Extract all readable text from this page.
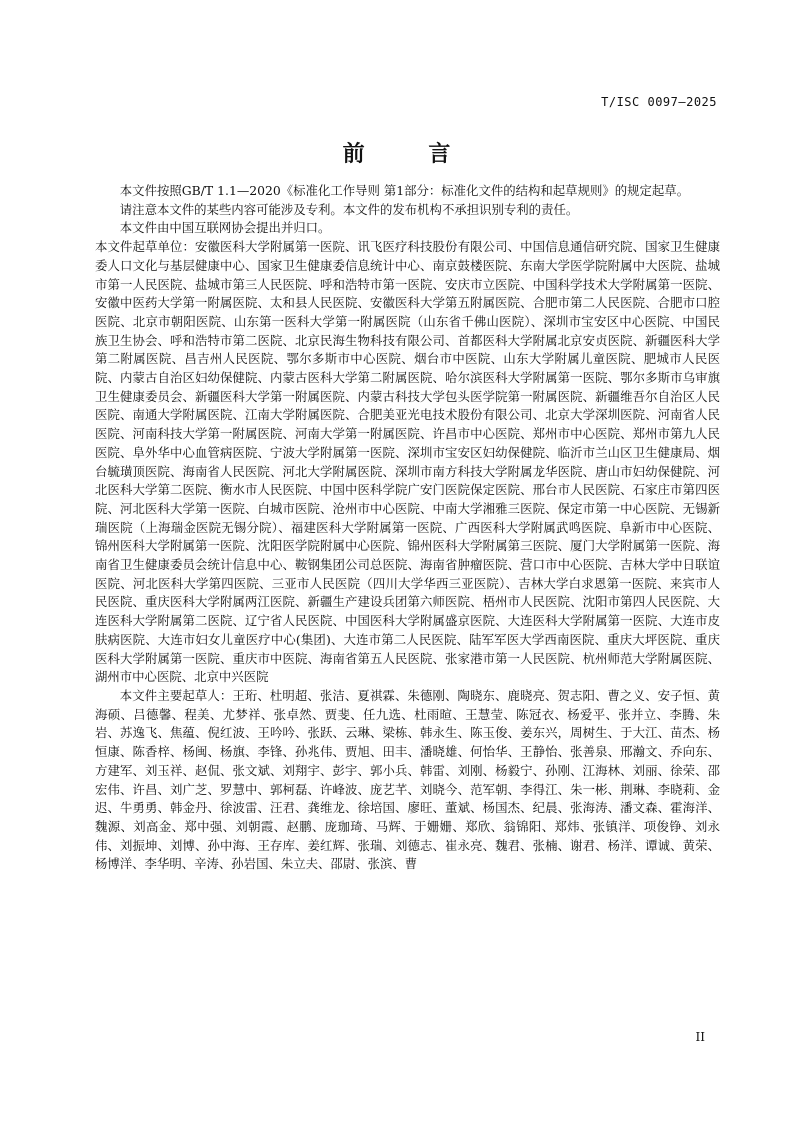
T/ISC 0097—2025
前 言

本文件按照GB/T 1.1—2020《标准化工作导则 第1部分：标准化文件的结构和起草规则》的规定起草。

请注意本文件的某些内容可能涉及专利。本文件的发布机构不承担识别专利的责任。

本文件由中国互联网协会提出并归口。

本文件起草单位：安徽医科大学附属第一医院、讯飞医疗科技股份有限公司、中国信息通信研究院、国家卫生健康委人口文化与基层健康中心、国家卫生健康委信息统计中心、南京鼓楼医院、东南大学医学院附属中大医院、盐城市第一人民医院、盐城市第三人民医院、呼和浩特市第一医院、安庆市立医院、中国科学技术大学附属第一医院、安徽中医药大学第一附属医院、太和县人民医院、安徽医科大学第五附属医院、合肥市第二人民医院、合肥市口腔医院、北京市朝阳医院、山东第一医科大学第一附属医院（山东省千佛山医院）、深圳市宝安区中心医院、中国民族卫生协会、呼和浩特市第二医院、北京民海生物科技有限公司、首都医科大学附属北京安贞医院、新疆医科大学第二附属医院、昌吉州人民医院、鄂尔多斯市中心医院、烟台市中医院、山东大学附属儿童医院、肥城市人民医院、内蒙古自治区妇幼保健院、内蒙古医科大学第二附属医院、哈尔滨医科大学附属第一医院、鄂尔多斯市乌审旗卫生健康委员会、新疆医科大学第一附属医院、内蒙古科技大学包头医学院第一附属医院、新疆维吾尔自治区人民医院、南通大学附属医院、江南大学附属医院、合肥美亚光电技术股份有限公司、北京大学深圳医院、河南省人民医院、河南科技大学第一附属医院、河南大学第一附属医院、许昌市中心医院、郑州市中心医院、郑州市第九人民医院、阜外华中心血管病医院、宁波大学附属第一医院、深圳市宝安区妇幼保健院、临沂市兰山区卫生健康局、烟台毓璜顶医院、海南省人民医院、河北大学附属医院、深圳市南方科技大学附属龙华医院、唐山市妇幼保健院、河北医科大学第二医院、衡水市人民医院、中国中医科学院广安门医院保定医院、邢台市人民医院、石家庄市第四医院、河北医科大学第一医院、白城市医院、沧州市中心医院、中南大学湘雅三医院、保定市第一中心医院、无锡新瑞医院（上海瑞金医院无锡分院）、福建医科大学附属第一医院、广西医科大学附属武鸣医院、阜新市中心医院、锦州医科大学附属第一医院、沈阳医学院附属中心医院、锦州医科大学附属第三医院、厦门大学附属第一医院、海南省卫生健康委员会统计信息中心、鞍钢集团公司总医院、海南省肿瘤医院、营口市中心医院、吉林大学中日联谊医院、河北医科大学第四医院、三亚市人民医院（四川大学华西三亚医院）、吉林大学白求恩第一医院、来宾市人民医院、重庆医科大学附属两江医院、新疆生产建设兵团第六师医院、梧州市人民医院、沈阳市第四人民医院、大连医科大学附属第二医院、辽宁省人民医院、中国医科大学附属盛京医院、大连医科大学附属第一医院、大连市皮肤病医院、大连市妇女儿童医疗中心(集团)、大连市第二人民医院、陆军军医大学西南医院、重庆大坪医院、重庆医科大学附属第一医院、重庆市中医院、海南省第五人民医院、张家港市第一人民医院、杭州师范大学附属医院、湖州市中心医院、北京中兴医院

本文件主要起草人：王珩、杜明超、张洁、夏祺霖、朱德刚、陶晓东、鹿晓亮、贺志阳、曹之义、安子恒、黄海硕、吕德馨、程美、尤梦祥、张卓然、贾斐、任九选、杜雨暄、王慧莹、陈冠衣、杨爱平、张并立、李腾、朱岩、苏逸飞、焦蕴、倪红波、王吟吟、张跃、云琳、梁栋、韩永生、陈玉俊、姜东兴，周树生、于大江、苗杰、杨恒康、陈香梓、杨闽、杨旗、李锋、孙兆伟、贾旭、田丰、潘晓雄、何怡华、王静怡、张善泉、邢瀚文、乔向东、方建军、刘玉祥、赵侃、张文斌、刘翔宇、彭宇、郭小兵、韩雷、刘刚、杨毅宁、孙刚、江海林、刘丽、徐荣、邵宏伟、许昌、刘广芝、罗慧中、郭柯磊、许峰波、庞艺芊、刘晓今、范军朝、李得江、朱一彬、荆琳、李晓莉、金迟、牛勇勇、韩金丹、徐波雷、汪君、龚维龙、徐培国、廖旺、董斌、杨国杰、纪晨、张海涛、潘文森、霍海洋、魏源、刘高金、郑中强、刘朝霞、赵鹏、庞珈琦、马辉、于姗姗、郑欣、翁锦阳、郑炜、张镇洋、项俊铮、刘永伟、刘振坤、刘博、孙中海、王存库、姜红辉、张瑞、刘德志、崔永亮、魏君、张楠、谢君、杨洋、谭诚、黄荣、杨博洋、李华明、辛涛、孙岩国、朱立夫、邵尉、张滨、曹

II
